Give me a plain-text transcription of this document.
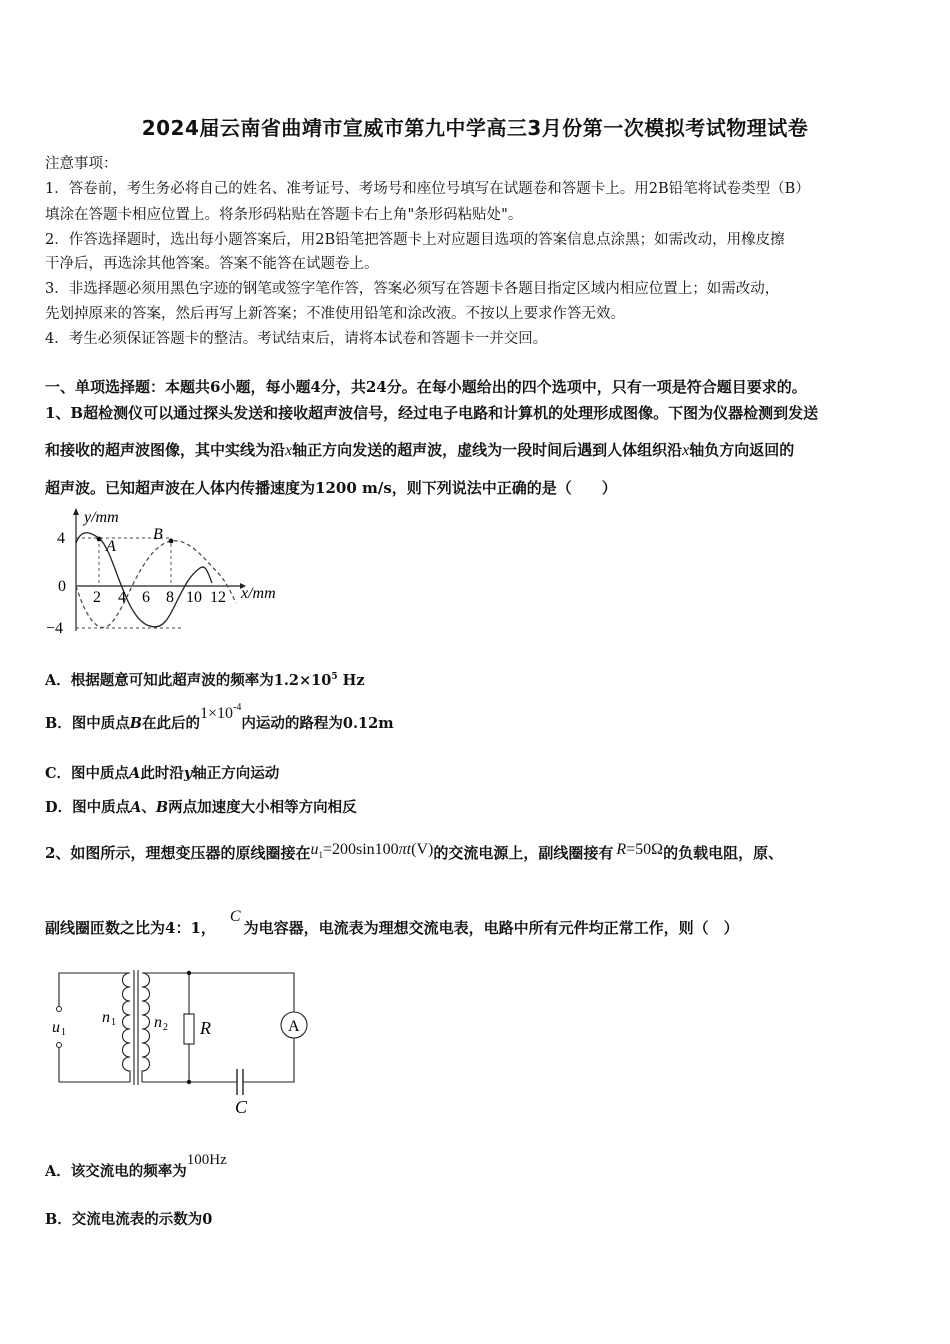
2024届云南省曲靖市宣威市第九中学高三3月份第一次模拟考试物理试卷
注意事项：
1．答卷前，考生务必将自己的姓名、准考证号、考场号和座位号填写在试题卷和答题卡上。用2B铅笔将试卷类型（B）
填涂在答题卡相应位置上。将条形码粘贴在答题卡右上角"条形码粘贴处"。
2．作答选择题时，选出每小题答案后，用2B铅笔把答题卡上对应题目选项的答案信息点涂黑；如需改动，用橡皮擦
干净后，再选涂其他答案。答案不能答在试题卷上。
3．非选择题必须用黑色字迹的钢笔或签字笔作答，答案必须写在答题卡各题目指定区域内相应位置上；如需改动，
先划掉原来的答案，然后再写上新答案；不准使用铅笔和涂改液。不按以上要求作答无效。
4．考生必须保证答题卡的整洁。考试结束后，请将本试卷和答题卡一并交回。
一、单项选择题：本题共6小题，每小题4分，共24分。在每小题给出的四个选项中，只有一项是符合题目要求的。
1、B超检测仪可以通过探头发送和接收超声波信号，经过电子电路和计算机的处理形成图像。下图为仪器检测到发送
和接收的超声波图像，其中实线为沿x轴正方向发送的超声波，虚线为一段时间后遇到人体组织沿x轴负方向返回的
超声波。已知超声波在人体内传播速度为1200 m/s，则下列说法中正确的是（　　）
A
B
y/mm
x/mm
4
0
−4
2 4 6 8 10 12
A．根据题意可知此超声波的频率为$1.2\times 10^5$ Hz
B．图中质点B在此后的$1\times 10^{-4}$内运动的路程为0.12m
C．图中质点A此时沿y轴正方向运动
D．图中质点A、B两点加速度大小相等方向相反
2、如图所示，理想变压器的原线圈接在$u_1=200\sin 100\pi t(V)$的交流电源上，副线圈接有 R=50Ω的负载电阻，原、
副线圈匝数之比为4：1，C为电容器，电流表为理想交流电表，电路中所有元件均正常工作，则（　）
A
u 1
n 1 n 2 R
C
A．该交流电的频率为100Hz
B．交流电流表的示数为0
